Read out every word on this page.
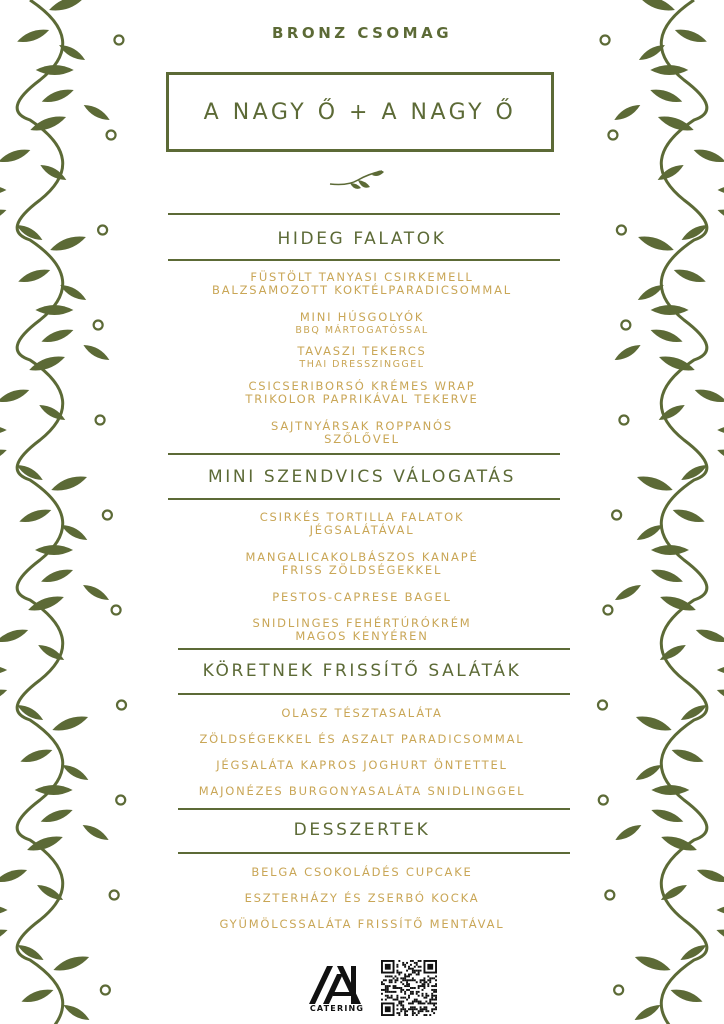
BRONZ CSOMAG
A NAGY Ő + A NAGY Ő
HIDEG FALATOK
FÜSTÖLT TANYASI CSIRKEMELL
BALZSAMOZOTT KOKTÉLPARADICSOMMAL
MINI HÚSGOLYÓK
BBQ MÁRTOGATÓSSAL
TAVASZI TEKERCS
THAI DRESSZINGGEL
CSICSERIBORSÓ KRÉMES WRAP
TRIKOLOR PAPRIKÁVAL TEKERVE
SAJTNYÁRSAK ROPPANÓS
SZŐLŐVEL
MINI SZENDVICS VÁLOGATÁS
CSIRKÉS TORTILLA FALATOK
JÉGSALÁTÁVAL
MANGALICAKOLBÁSZOS KANAPÉ
FRISS ZÖLDSÉGEKKEL
PESTOS-CAPRESE BAGEL
SNIDLINGES FEHÉRTÚRÓKRÉM
MAGOS KENYÉREN
KÖRETNEK FRISSÍTŐ SALÁTÁK
OLASZ TÉSZTASALÁTA
ZÖLDSÉGEKKEL ÉS ASZALT PARADICSOMMAL
JÉGSALÁTA KAPROS JOGHURT ÖNTETTEL
MAJONÉZES BURGONYASALÁTA SNIDLINGGEL
DESSZERTEK
BELGA CSOKOLÁDÉS CUPCAKE
ESZTERHÁZY ÉS ZSERBÓ KOCKA
GYÜMÖLCSSALÁTA FRISSÍTŐ MENTÁVAL
CATERING
